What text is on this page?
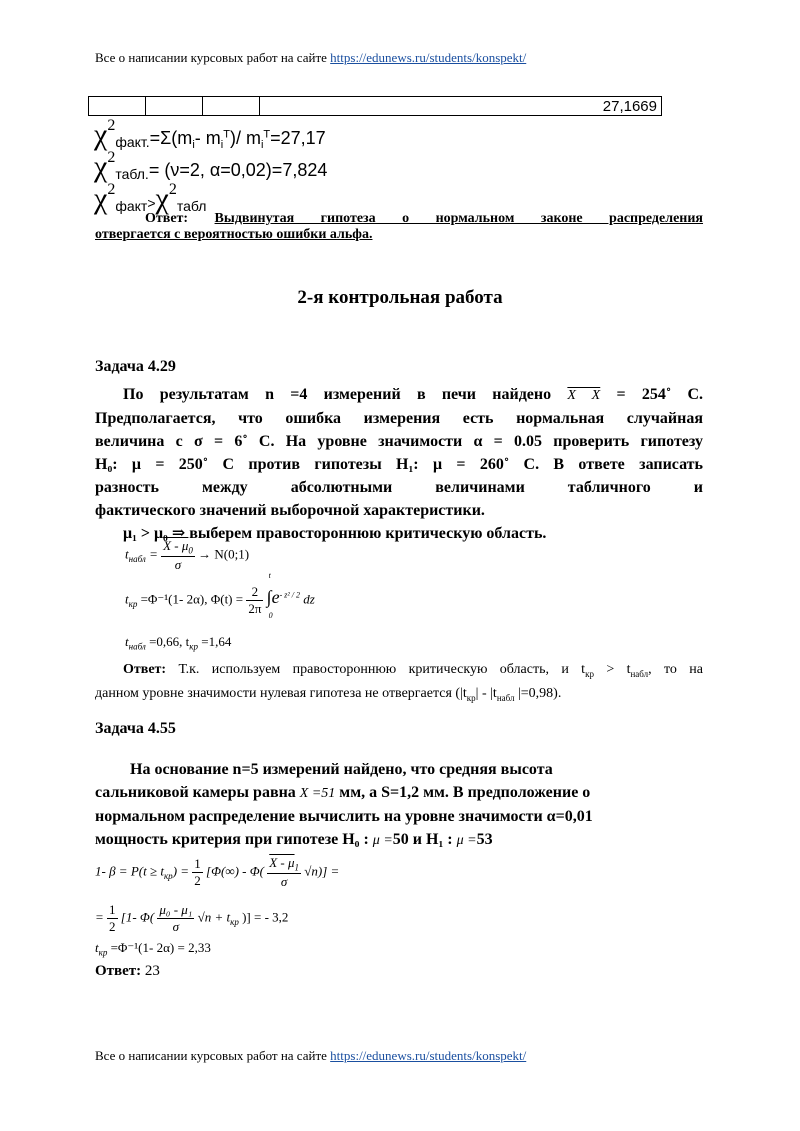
Все о написании курсовых работ на сайте https://edunews.ru/students/konspekt/
			27,1669
$\chi 2факт.=\Sigma(m_i-$ $m_i^T)/$ $m_i^T=27,17$
χ2табл.= (ν=2, α=0,02)=7,824
χ2факт>χ2табл
Ответ: Выдвинутая гипотеза о нормальном законе распределения
отвергается с вероятностью ошибки альфа.
2-я контрольная работа
Задача 4.29
По результатам n =4 измерений в печи найдено X X = 254˚ С.
Предполагается, что ошибка измерения есть нормальная случайная
величина с σ = 6˚ С. На уровне значимости α = 0.05 проверить гипотезу
H₀: μ = 250˚ С против гипотезы H₁: μ = 260˚ С. В ответе записать
разность между абсолютными величинами табличного и
фактического значений выборочной характеристики.
μ₁ > μ₀ ⇒ выберем правостороннюю критическую область.
$t_{набл} = \frac{X - \mu_0}{\sigma}$ → N(0;1)
$t_{кр} =\Phi^{-1}(1-$ 2α), $\Phi(t) = \frac{2}{2\pi}$

t
$\int e^{- z^2 / 2}$
0
dz
$t_{набл} =0,66$, $t_{кр} =1,64$
Ответ: Т.к. используем правостороннюю критическую область, и $t_{кр} > t_{набл}$, то на
данном уровне значимости нулевая гипотеза не отвергается ($|t_{кр}| - |t_{набл}$ |=0,98).
Задача 4.55
На основание n=5 измерений найдено, что средняя высота
сальниковой камеры равна X =51 мм, а S=1,2 мм. В предположение о
нормальном распределение вычислить на уровне значимости α=0,01
мощность критерия при гипотезе H₀ : μ =50 и H₁ : μ =53
1- $\beta = P(t \ge t_{кр}) = \frac{1}{2} [\Phi(\infty) - \Phi( \frac{X - \mu_1}{\sigma} √n)]$ =
= $\frac{1}{2} [1-$ $\Phi( \frac{\text{μ₀ - μ₁}}{\sigma} √n + t_{кр}$ )] = - 3,2
$t_{кр} =\Phi^{-1}(1-$ 2α) = 2,33
Ответ: 23
Все о написании курсовых работ на сайте https://edunews.ru/students/konspekt/
